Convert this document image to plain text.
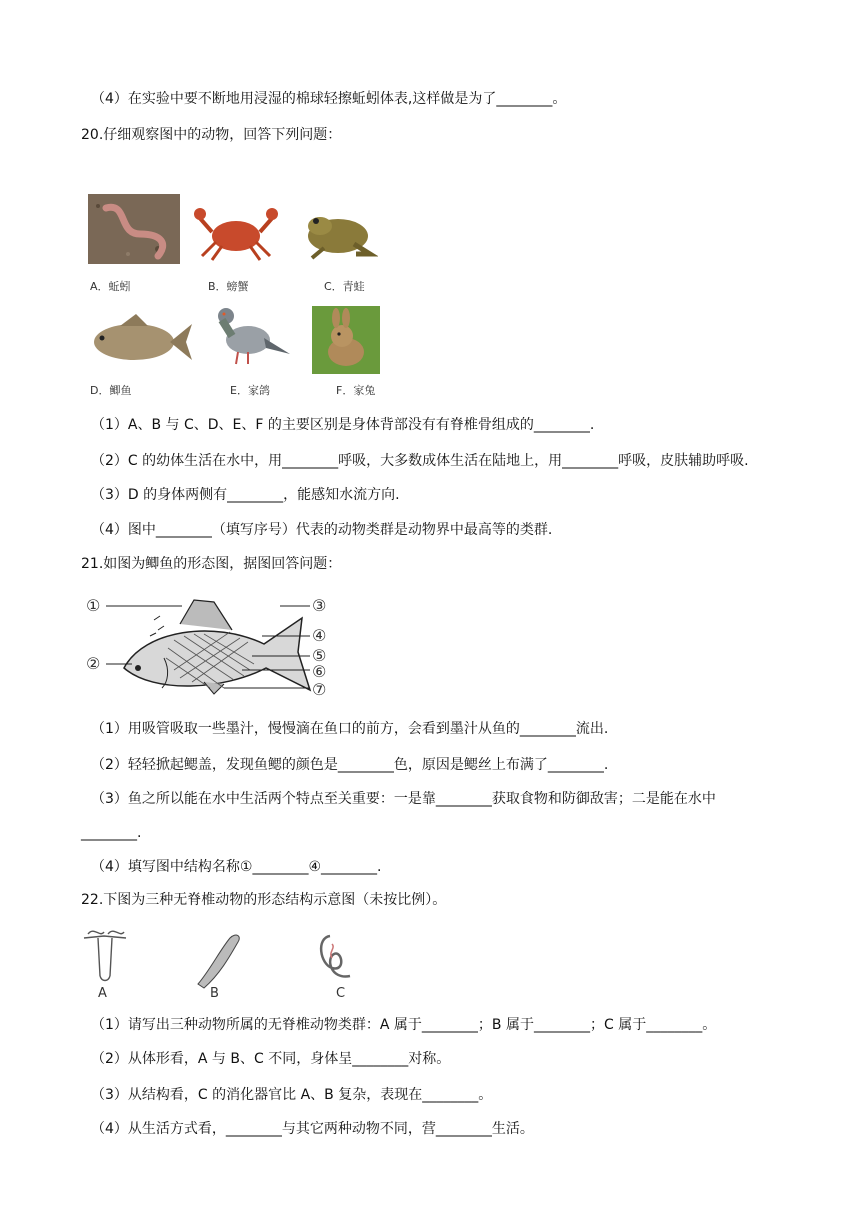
（4）在实验中要不断地用浸湿的棉球轻擦蚯蚓体表,这样做是为了________。
20.仔细观察图中的动物，回答下列问题：
A．蚯蚓	B．螃蟹	C．青蛙
D．鲫鱼	E．家鸽	F．家兔
（1）A、B 与 C、D、E、F 的主要区别是身体背部没有有脊椎骨组成的________.
（2）C 的幼体生活在水中，用________呼吸，大多数成体生活在陆地上，用________呼吸，皮肤辅助呼吸.
（3）D 的身体两侧有________，能感知水流方向.
（4）图中________（填写序号）代表的动物类群是动物界中最高等的类群.
21.如图为鲫鱼的形态图，据图回答问题：
①
②
③
④
⑤
⑥
⑦
（1）用吸管吸取一些墨汁，慢慢滴在鱼口的前方，会看到墨汁从鱼的________流出.
（2）轻轻掀起鳃盖，发现鱼鳃的颜色是________色，原因是鳃丝上布满了________.
（3）鱼之所以能在水中生活两个特点至关重要：一是靠________获取食物和防御敌害；二是能在水中
________.
（4）填写图中结构名称①________④________.
22.下图为三种无脊椎动物的形态结构示意图（未按比例）。
A	B	C
（1）请写出三种动物所属的无脊椎动物类群：A 属于________；B 属于________；C 属于________。
（2）从体形看，A 与 B、C 不同，身体呈________对称。
（3）从结构看，C 的消化器官比 A、B 复杂，表现在________。
（4）从生活方式看，________与其它两种动物不同，营________生活。
